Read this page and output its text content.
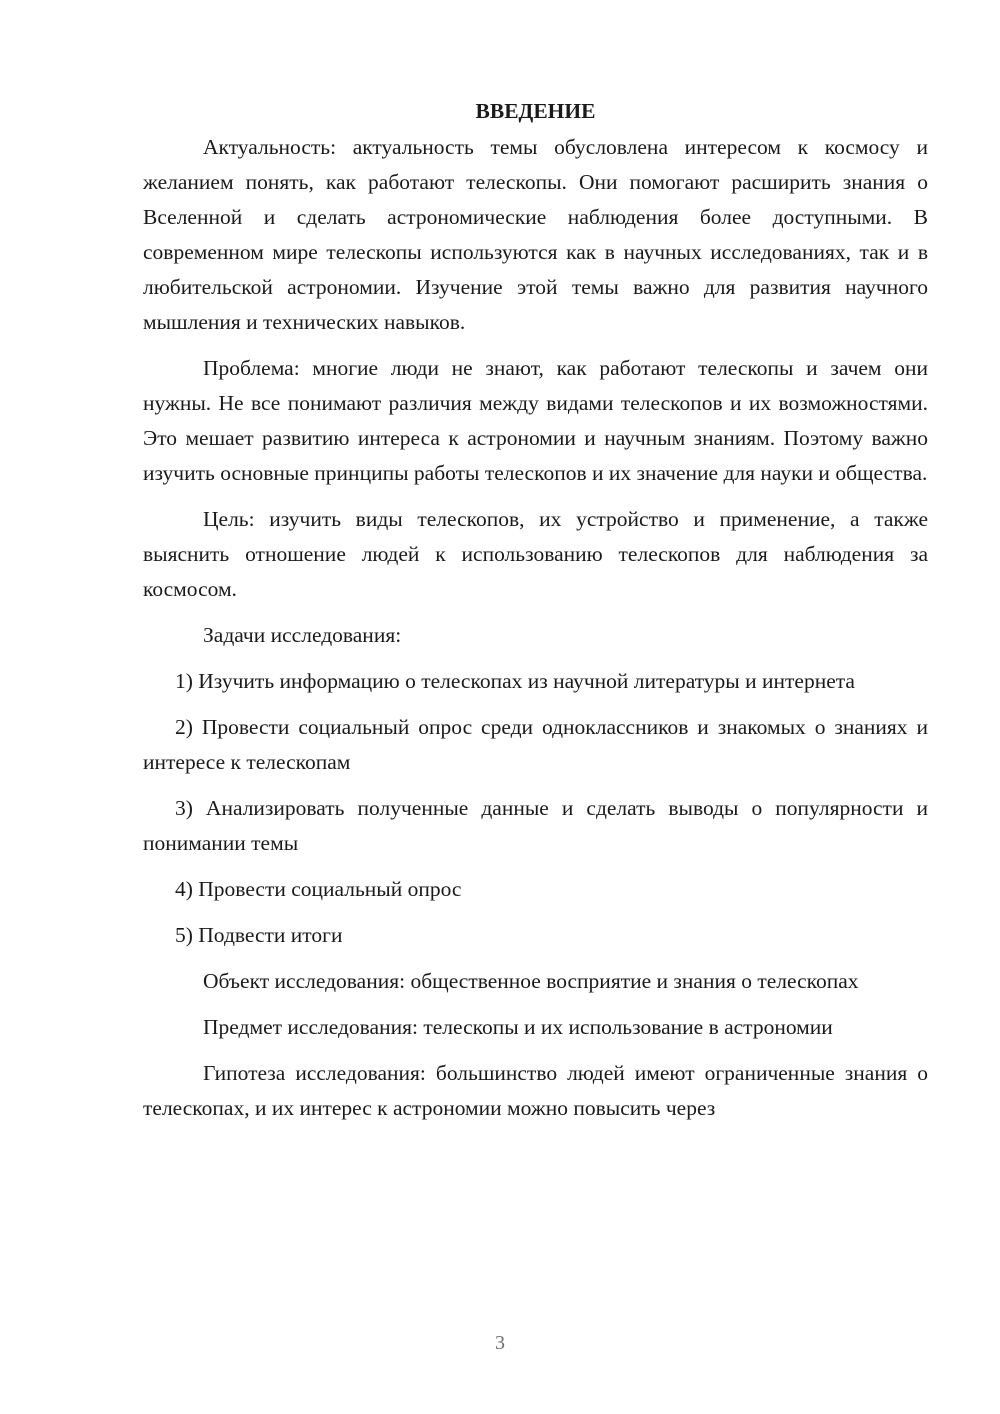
ВВЕДЕНИЕ

Актуальность: актуальность темы обусловлена интересом к космосу и желанием понять, как работают телескопы. Они помогают расширить знания о Вселенной и сделать астрономические наблюдения более доступными. В современном мире телескопы используются как в научных исследованиях, так и в любительской астрономии. Изучение этой темы важно для развития научного мышления и технических навыков.

Проблема: многие люди не знают, как работают телескопы и зачем они нужны. Не все понимают различия между видами телескопов и их возможностями. Это мешает развитию интереса к астрономии и научным знаниям. Поэтому важно изучить основные принципы работы телескопов и их значение для науки и общества.

Цель: изучить виды телескопов, их устройство и применение, а также выяснить отношение людей к использованию телескопов для наблюдения за космосом.

Задачи исследования:

1) Изучить информацию о телескопах из научной литературы и интернета

2) Провести социальный опрос среди одноклассников и знакомых о знаниях и интересе к телескопам

3) Анализировать полученные данные и сделать выводы о популярности и понимании темы

4) Провести социальный опрос

5) Подвести итоги

Объект исследования: общественное восприятие и знания о телескопах

Предмет исследования: телескопы и их использование в астрономии

Гипотеза исследования: большинство людей имеют ограниченные знания о телескопах, и их интерес к астрономии можно повысить через

3
